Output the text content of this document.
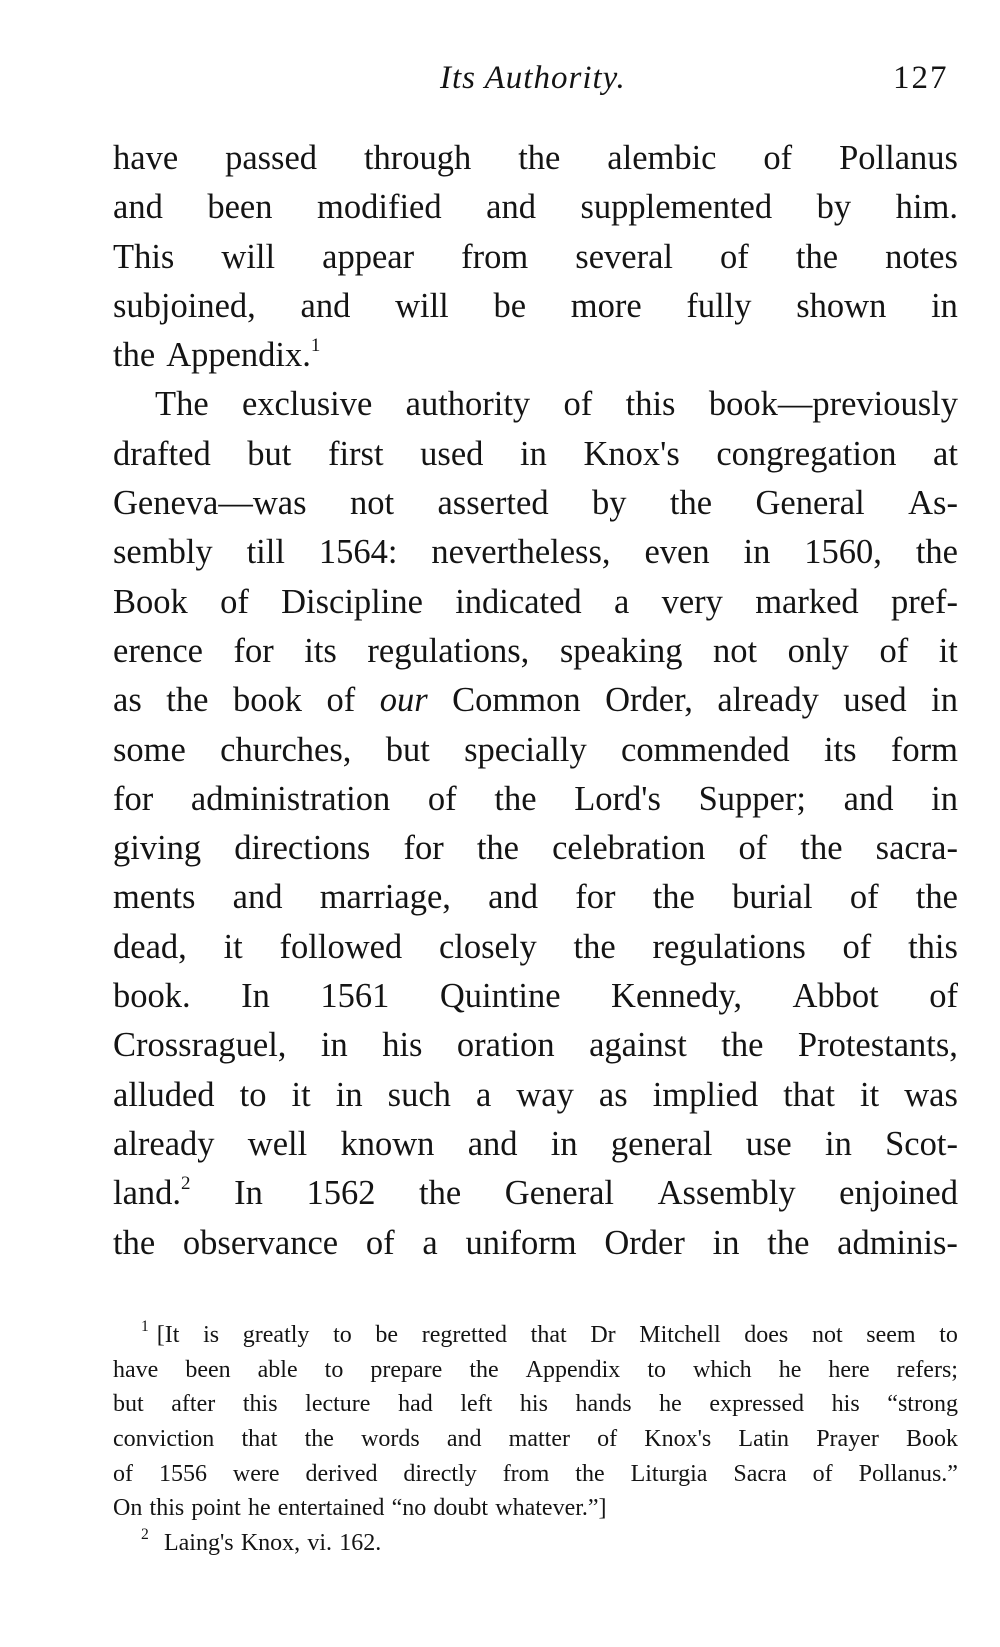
Its Authority.	127
have passed through the alembic of Pollanus
and been modified and supplemented by him.
This will appear from several of the notes
subjoined, and will be more fully shown in
the Appendix.$^1$
The exclusive authority of this book—previously
drafted but first used in Knox's congregation at
Geneva—was not asserted by the General As-
sembly till 1564: nevertheless, even in 1560, the
Book of Discipline indicated a very marked pref-
erence for its regulations, speaking not only of it
as the book of our Common Order, already used in
some churches, but specially commended its form
for administration of the Lord's Supper; and in
giving directions for the celebration of the sacra-
ments and marriage, and for the burial of the
dead, it followed closely the regulations of this
book. In 1561 Quintine Kennedy, Abbot of
Crossraguel, in his oration against the Protestants,
alluded to it in such a way as implied that it was
already well known and in general use in Scot-
land.$^2$ In 1562 the General Assembly enjoined
the observance of a uniform Order in the adminis-
$^1$ [It is greatly to be regretted that Dr Mitchell does not seem to
have been able to prepare the Appendix to which he here refers;
but after this lecture had left his hands he expressed his “strong
conviction that the words and matter of Knox's Latin Prayer Book
of 1556 were derived directly from the Liturgia Sacra of Pollanus.”
On this point he entertained “no doubt whatever.”]
$^2$ Laing's Knox, vi. 162.
